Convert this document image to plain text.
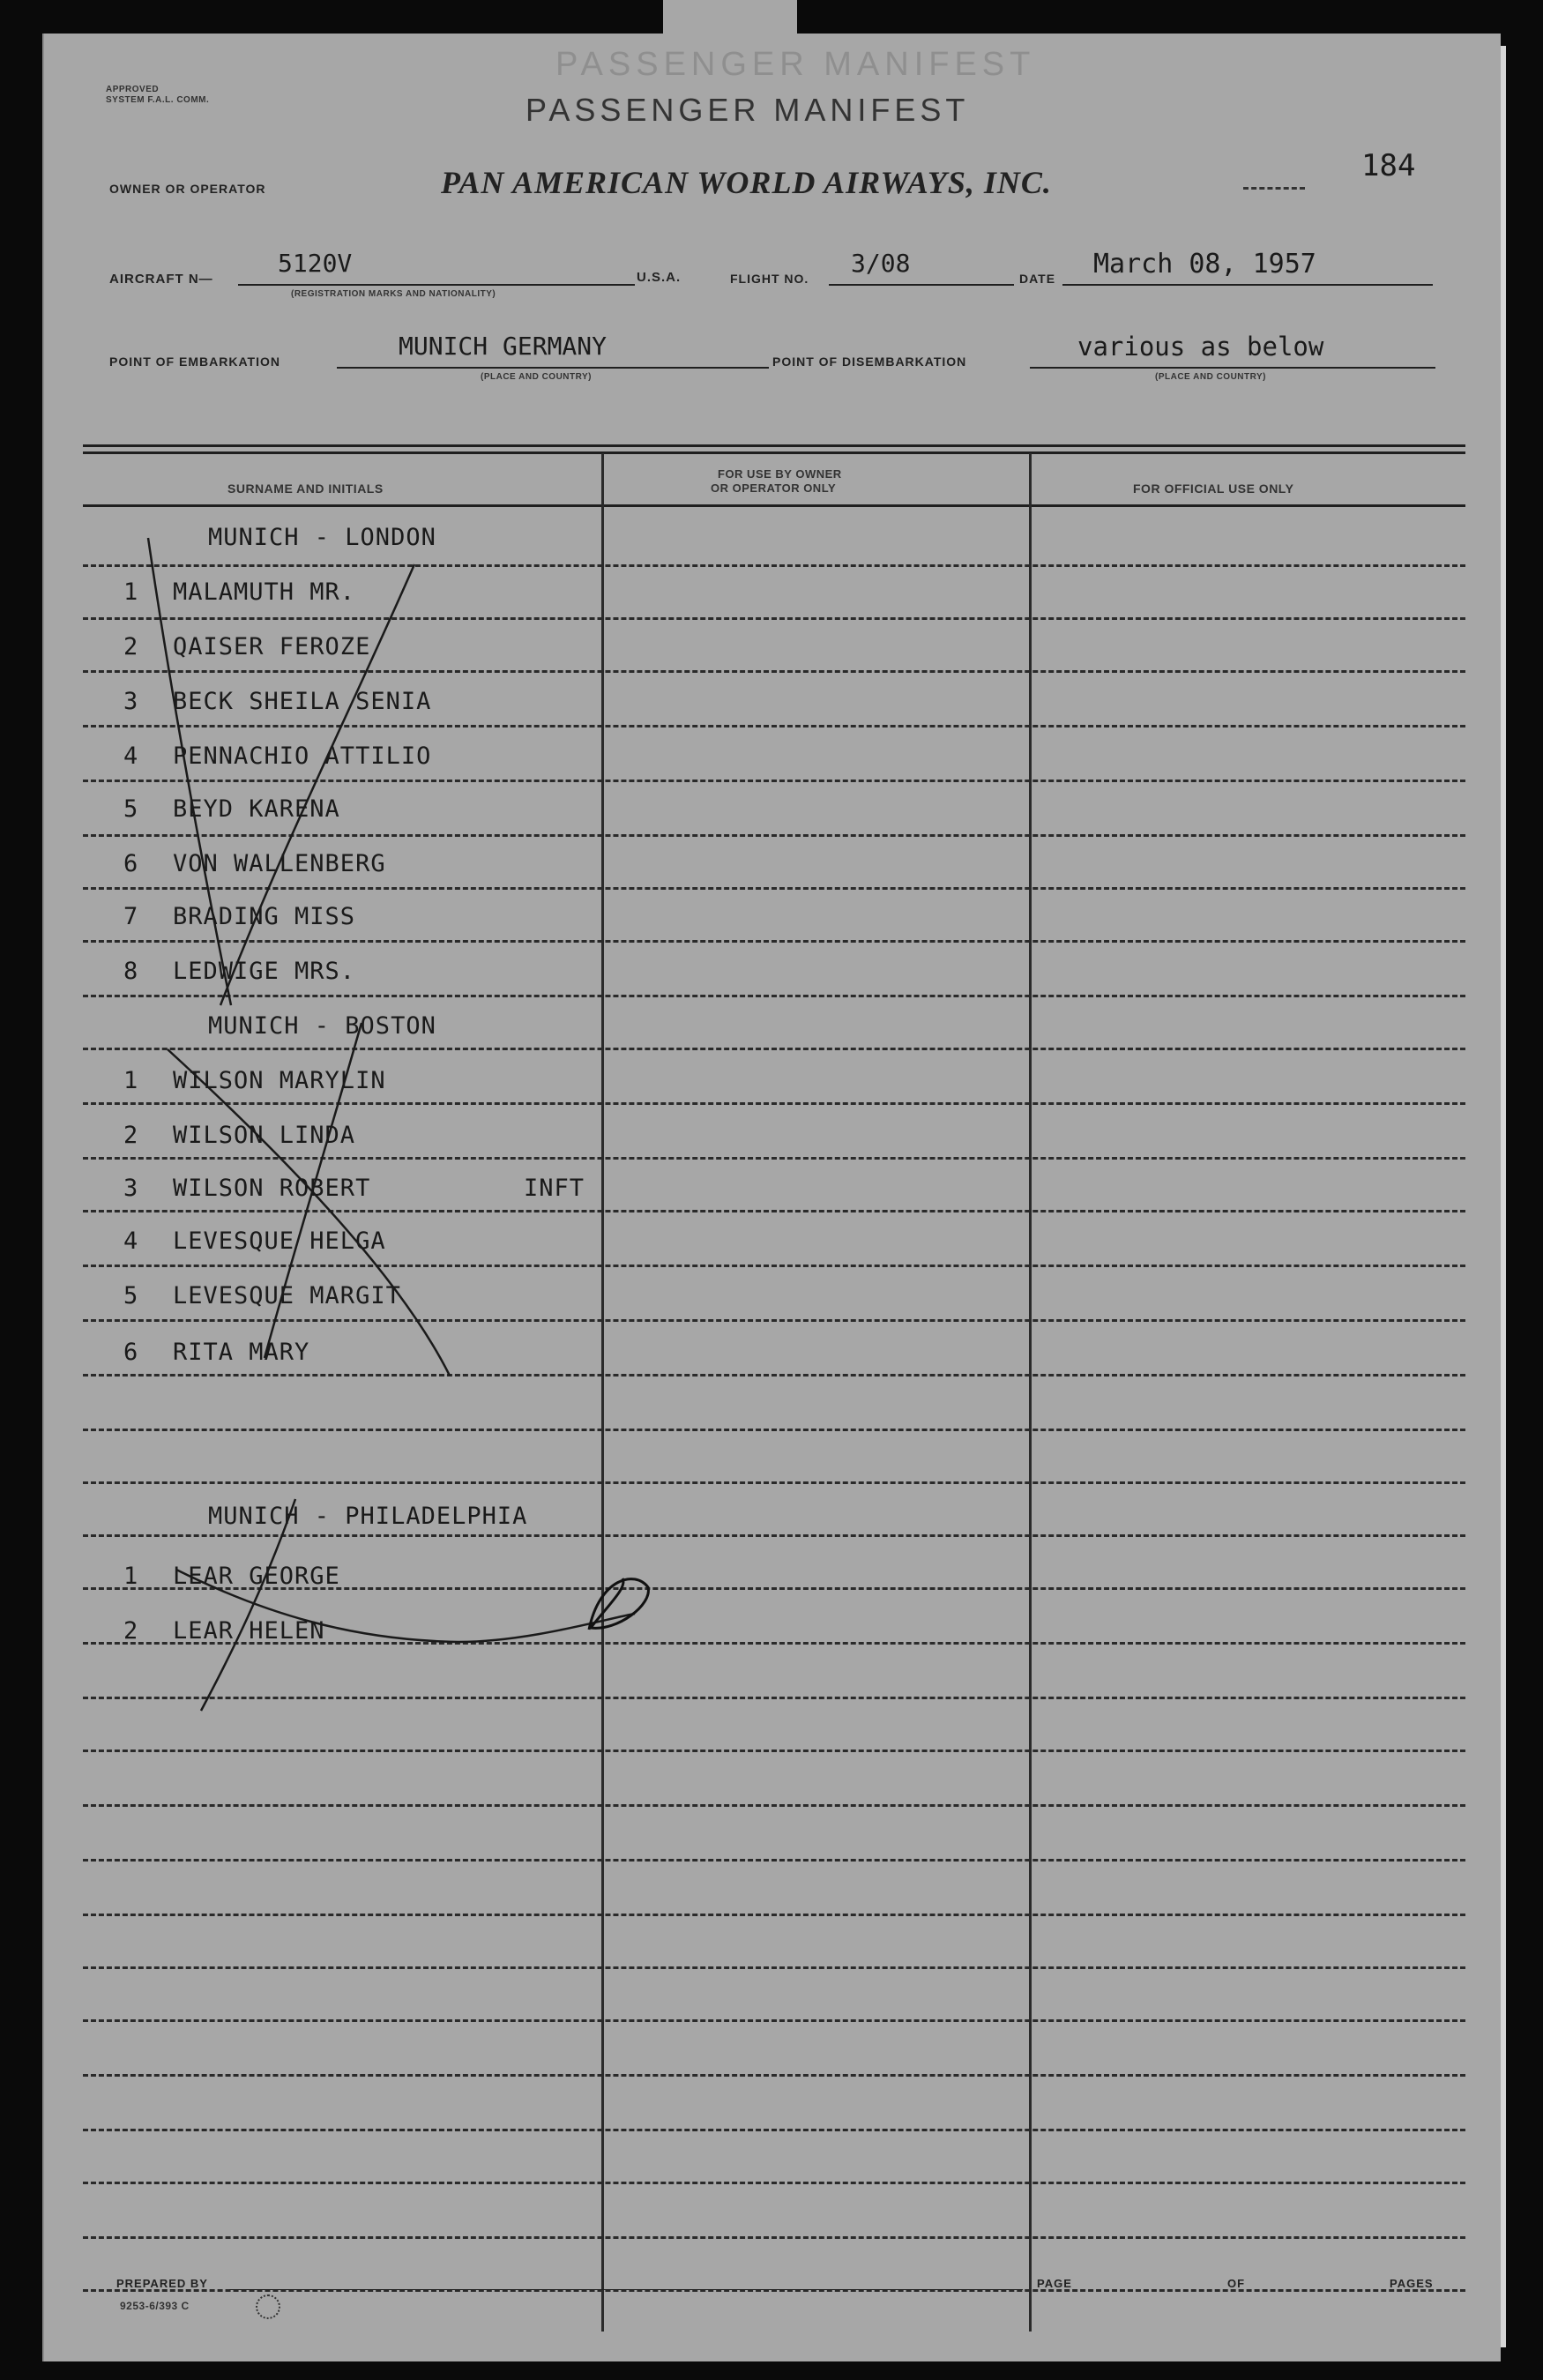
APPROVED
SYSTEM F.A.L. COMM.
PASSENGER MANIFEST
PASSENGER MANIFEST
184
OWNER OR OPERATOR	PAN AMERICAN WORLD AIRWAYS, INC.
AIRCRAFT N—
5120V
(REGISTRATION MARKS AND NATIONALITY)
U.S.A.	FLIGHT NO.
3/08
DATE March 08, 1957
POINT OF EMBARKATION
MUNICH GERMANY
(PLACE AND COUNTRY)
POINT OF DISEMBARKATION	various as below
(PLACE AND COUNTRY)
SURNAME AND INITIALS
FOR USE BY OWNER
OR OPERATOR ONLY	FOR OFFICIAL USE ONLY
MUNICH - LONDON
1 MALAMUTH MR.
2 QAISER FEROZE
3 BECK SHEILA SENIA
4 PENNACHIO ATTILIO
5 BEYD KARENA
6 VON WALLENBERG
7 BRADING MISS
8 LEDWIGE MRS.
MUNICH - BOSTON
1 WILSON MARYLIN
2 WILSON LINDA
3 WILSON ROBERT	INFT
4 LEVESQUE HELGA
5 LEVESQUE MARGIT
6 RITA MARY
MUNICH - PHILADELPHIA
1 LEAR GEORGE
2 LEAR HELEN
PREPARED BY
9253-6/393 C
PAGE	OF	PAGES
